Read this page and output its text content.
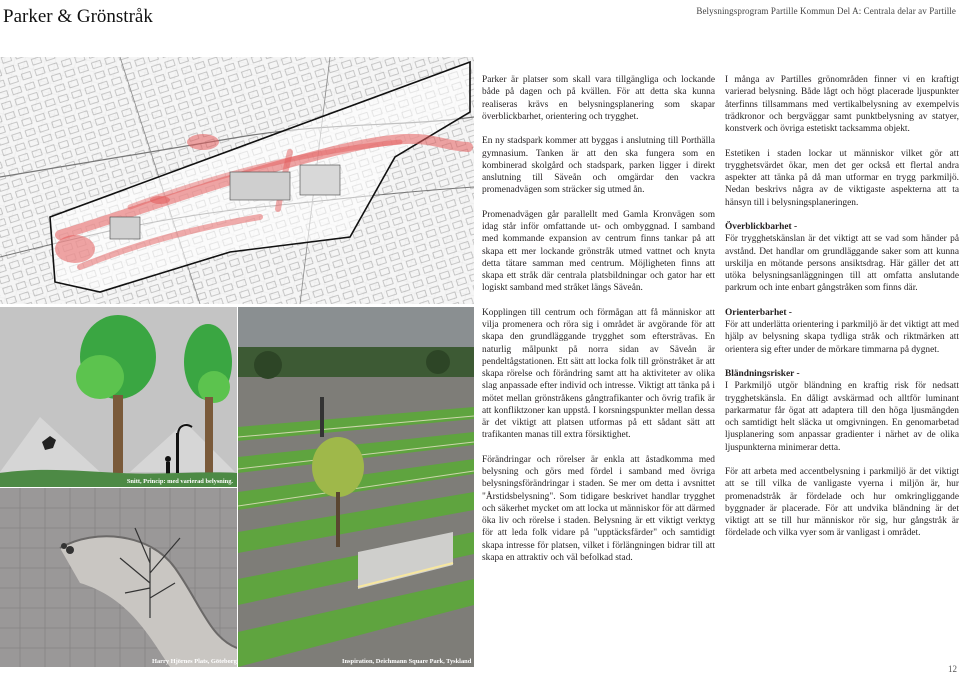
Parker & Grönstråk	Belysningsprogram Partille Kommun Del A: Centrala delar av Partille
Snitt, Princip: med varierad belysning.
Harry Hjörnes Plats, Göteborg	Inspiration, Deichmann Square Park, Tyskland

Parker är platser som skall vara tillgängliga och lockande både på dagen och på kvällen. För att detta ska kunna realiseras krävs en belysningsplanering som skapar överblickbarhet, orientering och trygghet.

En ny stadspark kommer att byggas i anslutning till Porthälla gymnasium. Tanken är att den ska fungera som en kombinerad skolgård och stadspark, parken ligger i direkt anslutning till Säveån och omgärdar den vackra promenadvägen som sträcker sig utmed ån.

Promenadvägen går parallellt med Gamla Kronvägen som idag står inför omfattande ut- och ombyggnad. I samband med kommande expansion av centrum finns tankar på att skapa ett mer lockande grönstråk utmed vattnet och knyta detta tätare samman med centrum. Möjligheten finns att skapa ett stråk där centrala platsbildningar och gator har ett logiskt samband med stråket längs Säveån.

Kopplingen till centrum och förmågan att få människor att vilja promenera och röra sig i området är avgörande för att skapa den grundläggande trygghet som eftersträvas. En naturlig målpunkt på norra sidan av Säveån är pendeltågstationen. Ett sätt att locka folk till grönstråket är att skapa rörelse och förändring samt att ha aktiviteter av olika slag anpassade efter individ och intresse. Viktigt att tänka på i mötet mellan grönstråkens gångtrafikanter och övrig trafik är att konfliktzoner kan uppstå. I korsningspunkter mellan dessa är det viktigt att platsen utformas på ett sådant sätt att trafikanten manas till extra försiktighet.

Förändringar och rörelser är enkla att åstadkomma med belysning och görs med fördel i samband med övriga belysningsförändringar i staden. Se mer om detta i avsnittet "Årstidsbelysning". Som tidigare beskrivet handlar trygghet och säkerhet mycket om att locka ut människor för att därmed öka liv och rörelse i staden. Belysning är ett viktigt verktyg för att leda folk vidare på "upptäcksfärder" och samtidigt skapa intresse för platsen, vilket i förlängningen bidrar till att skapa en attraktiv och väl befolkad stad.

I många av Partilles grönområden finner vi en kraftigt varierad belysning. Både lågt och högt placerade ljuspunkter återfinns tillsammans med vertikalbelysning av exempelvis trädkronor och bergväggar samt punktbelysning av statyer, konstverk och övriga estetiskt tacksamma objekt.

Estetiken i staden lockar ut människor vilket gör att trygghetsvärdet ökar, men det ger också ett flertal andra aspekter att tänka på då man utformar en trygg parkmiljö. Nedan beskrivs några av de viktigaste aspekterna att ta hänsyn till i belysningsplaneringen.

Överblickbarhet -

För trygghetskänslan är det viktigt att se vad som händer på avstånd. Det handlar om grundläggande saker som att kunna urskilja en mötande persons ansiktsdrag. Här gäller det att utöka belysningsanläggningen till att omfatta anslutande parkrum och inte enbart gångstråken som finns där.

Orienterbarhet -

För att underlätta orientering i parkmiljö är det viktigt att med hjälp av belysning skapa tydliga stråk och riktmärken att orientera sig efter under de mörkare timmarna på dygnet.

Bländningsrisker -

I Parkmiljö utgör bländning en kraftig risk för nedsatt trygghetskänsla. En dåligt avskärmad och alltför luminant parkarmatur får ögat att adaptera till den höga ljusmängden och samtidigt helt släcka ut omgivningen. En genomarbetad ljusplanering som anpassar gradienter i närhet av de olika ljuspunkterna minimerar detta.

För att arbeta med accentbelysning i parkmiljö är det viktigt att se till vilka de vanligaste vyerna i miljön är, hur promenadstråk är fördelade och hur omkringliggande byggnader är placerade. För att undvika bländning är det viktigt att se till hur människor rör sig, hur gångstråk är fördelade och vilka vyer som är vanligast i området.

12
